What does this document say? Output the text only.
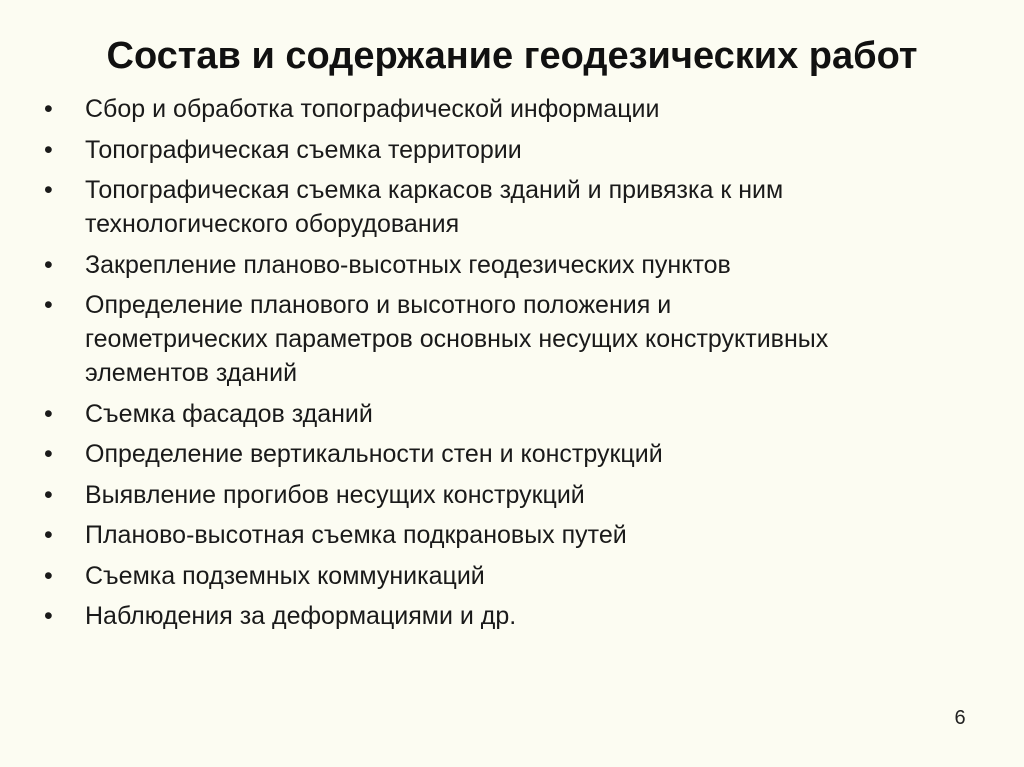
Состав и содержание геодезических работ
•	Сбор и обработка топографической информации
•	Топографическая съемка территории
•	Топографическая съемка каркасов зданий и привязка к ним
технологического оборудования
•	Закрепление планово-высотных геодезических пунктов
•	Определение планового и высотного положения и
геометрических параметров основных несущих конструктивных
элементов зданий
•	Съемка фасадов зданий
•	Определение вертикальности стен и конструкций
•	Выявление прогибов несущих конструкций
•	Планово-высотная съемка подкрановых путей
•	Съемка подземных коммуникаций
•	Наблюдения за деформациями и др.
6
